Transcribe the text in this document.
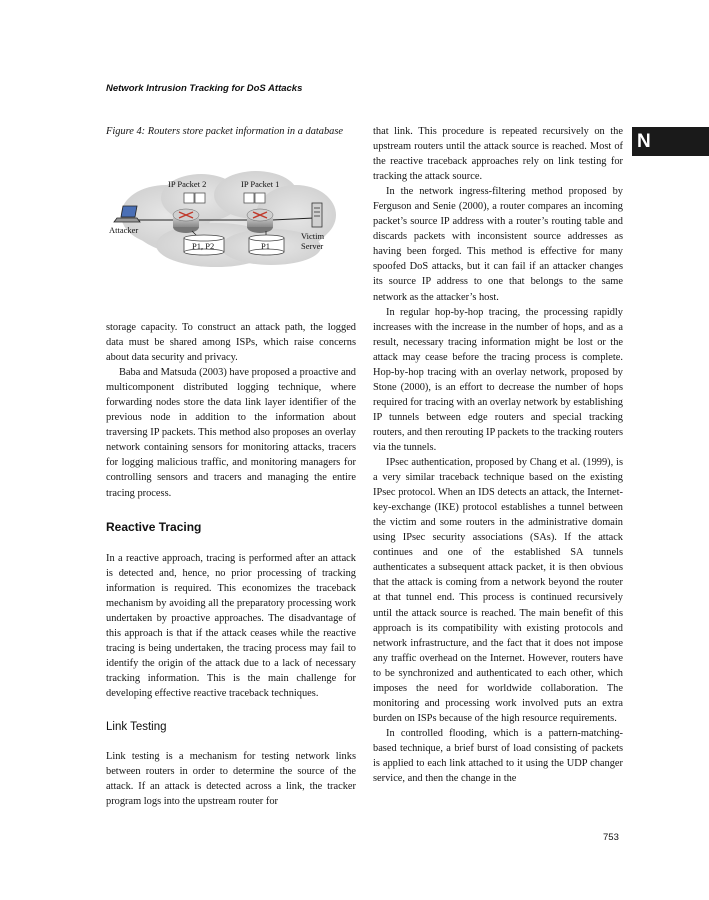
Network Intrusion Tracking for DoS Attacks
N
Figure 4: Routers store packet information in a database
IP Packet 2	IP Packet 1
Attacker
P1, P2	P1
Victim
Server

storage capacity. To construct an attack path, the logged data must be shared among ISPs, which raise concerns about data security and privacy.

Baba and Matsuda (2003) have proposed a proactive and multicomponent distributed logging technique, where forwarding nodes store the data link layer identifier of the previous node in addition to the information about traversing IP packets. This method also proposes an overlay network containing sensors for monitoring attacks, tracers for logging malicious traffic, and monitoring managers for controlling sensors and tracers and managing the entire tracing process.

Reactive Tracing

In a reactive approach, tracing is performed after an attack is detected and, hence, no prior processing of tracking information is required. This economizes the traceback mechanism by avoiding all the preparatory processing work undertaken by proactive approaches. The disadvantage of this approach is that if the attack ceases while the reactive tracing is being undertaken, the tracing process may fail to identify the origin of the attack due to a lack of necessary tracking information. This is the main challenge for developing effective reactive traceback techniques.

Link Testing

Link testing is a mechanism for testing network links between routers in order to determine the source of the attack. If an attack is detected across a link, the tracker program logs into the upstream router for

that link. This procedure is repeated recursively on the upstream routers until the attack source is reached. Most of the reactive traceback approaches rely on link testing for tracking the attack source.

In the network ingress-filtering method proposed by Ferguson and Senie (2000), a router compares an incoming packet’s source IP address with a router’s routing table and discards packets with inconsistent source addresses as having been forged. This method is effective for many spoofed DoS attacks, but it can fail if an attacker changes its source IP address to one that belongs to the same network as the attacker’s host.

In regular hop-by-hop tracing, the processing rapidly increases with the increase in the number of hops, and as a result, necessary tracing information might be lost or the attack may cease before the tracing process is complete. Hop-by-hop tracing with an overlay network, proposed by Stone (2000), is an effort to decrease the number of hops required for tracing with an overlay network by establishing IP tunnels between edge routers and special tracking routers, and then rerouting IP packets to the tracking routers via the tunnels.

IPsec authentication, proposed by Chang et al. (1999), is a very similar traceback technique based on the existing IPsec protocol. When an IDS detects an attack, the Internet-key-exchange (IKE) protocol establishes a tunnel between the victim and some routers in the administrative domain using IPsec security associations (SAs). If the attack continues and one of the established SA tunnels authenticates a subsequent attack packet, it is then obvious that the attack is coming from a network beyond the router at that tunnel end. This process is continued recursively until the attack source is reached. The main benefit of this approach is its compatibility with existing protocols and network infrastructure, and the fact that it does not impose any traffic overhead on the Internet. However, routers have to be synchronized and authenticated to each other, which imposes the need for worldwide collaboration. The monitoring and processing work involved puts an extra burden on ISPs because of the high resource requirements.

In controlled flooding, which is a pattern-matching-based technique, a brief burst of load consisting of packets is applied to each link attached to it using the UDP changer service, and then the change in the

753
